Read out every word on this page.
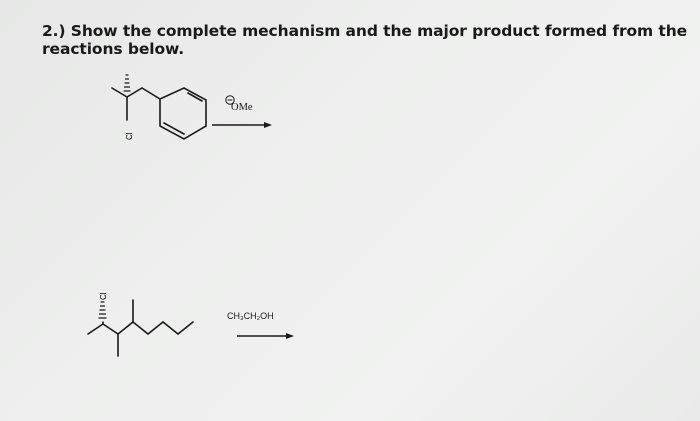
2.) Show the complete mechanism and the major product formed from the reactions below.
Cl
Cl
OMe
CH₃CH₂OH
